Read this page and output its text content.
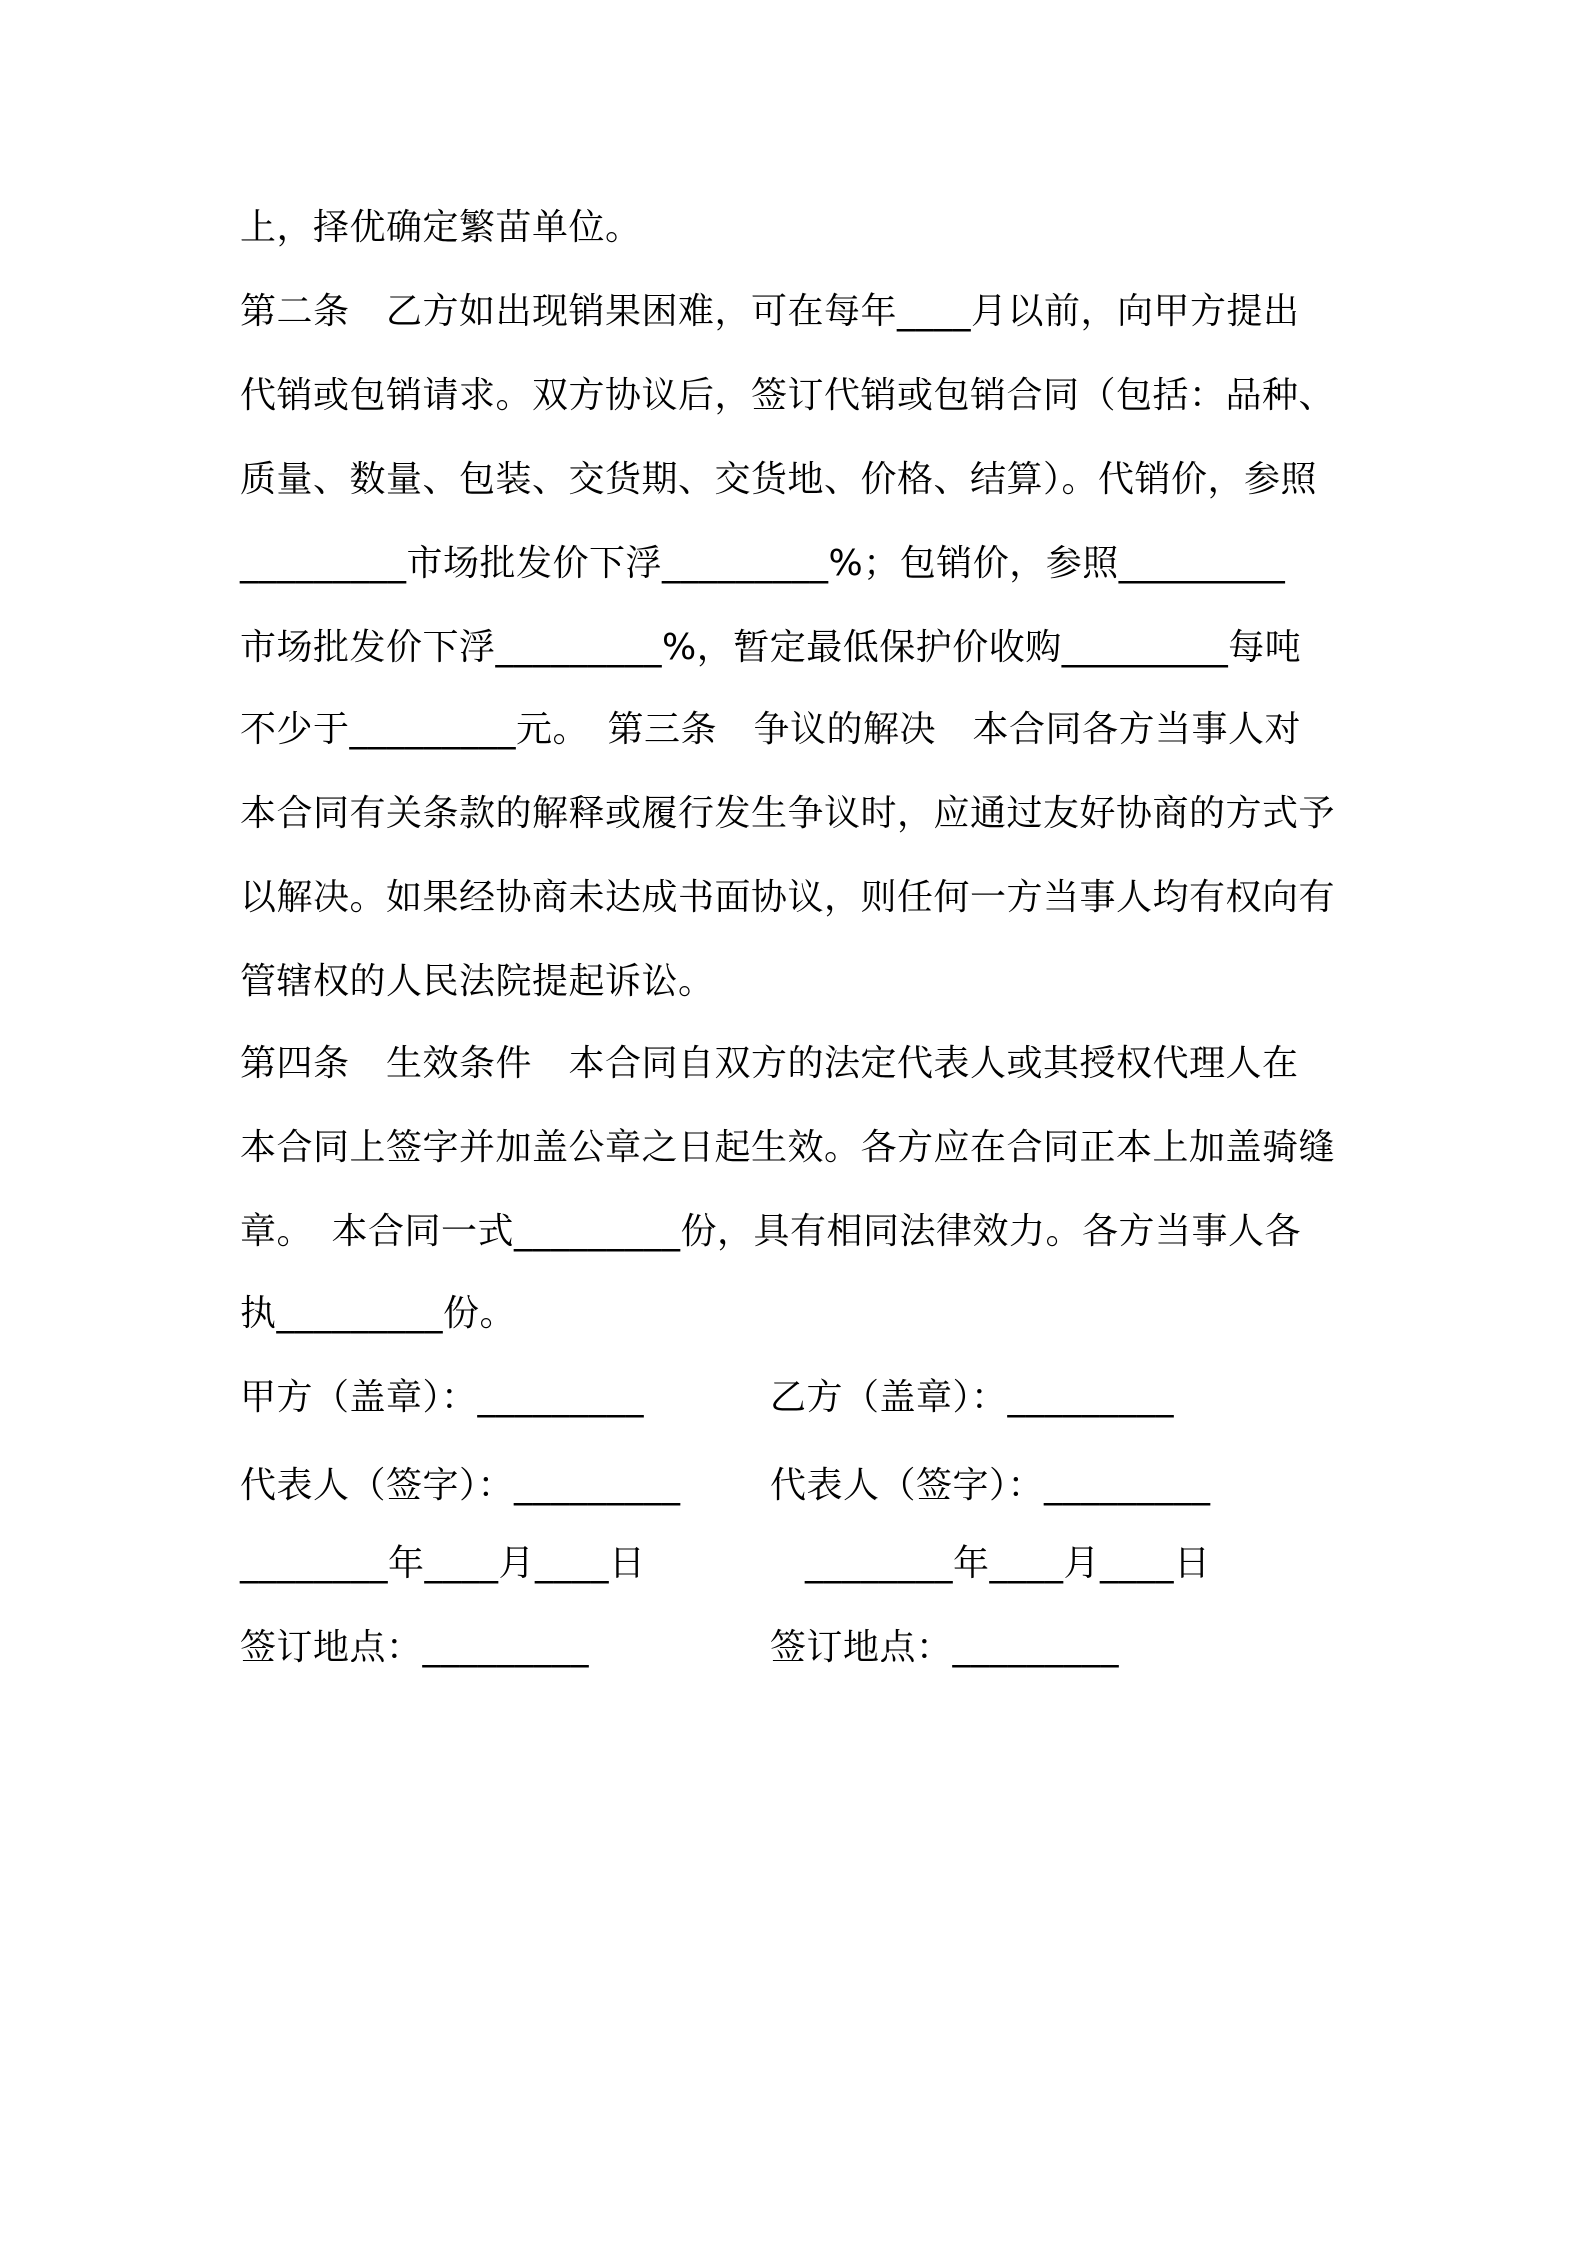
上，择优确定繁苗单位。
第二条　乙方如出现销果困难，可在每年____月以前，向甲方提出
代销或包销请求。双方协议后，签订代销或包销合同（包括：品种、
质量、数量、包装、交货期、交货地、价格、结算）。代销价，参照
_________市场批发价下浮_________%；包销价，参照_________
市场批发价下浮_________%，暂定最低保护价收购_________每吨
不少于_________元。　第三条　争议的解决　本合同各方当事人对
本合同有关条款的解释或履行发生争议时，应通过友好协商的方式予
以解决。如果经协商未达成书面协议，则任何一方当事人均有权向有
管辖权的人民法院提起诉讼。
第四条　生效条件　本合同自双方的法定代表人或其授权代理人在
本合同上签字并加盖公章之日起生效。各方应在合同正本上加盖骑缝
章。　本合同一式_________份，具有相同法律效力。各方当事人各
执_________份。
甲方（盖章）：_________	乙方（盖章）：_________
代表人（签字）：_________ 代表人（签字）：_________
________年____月____日	________年____月____日
签订地点：_________	签订地点：_________
